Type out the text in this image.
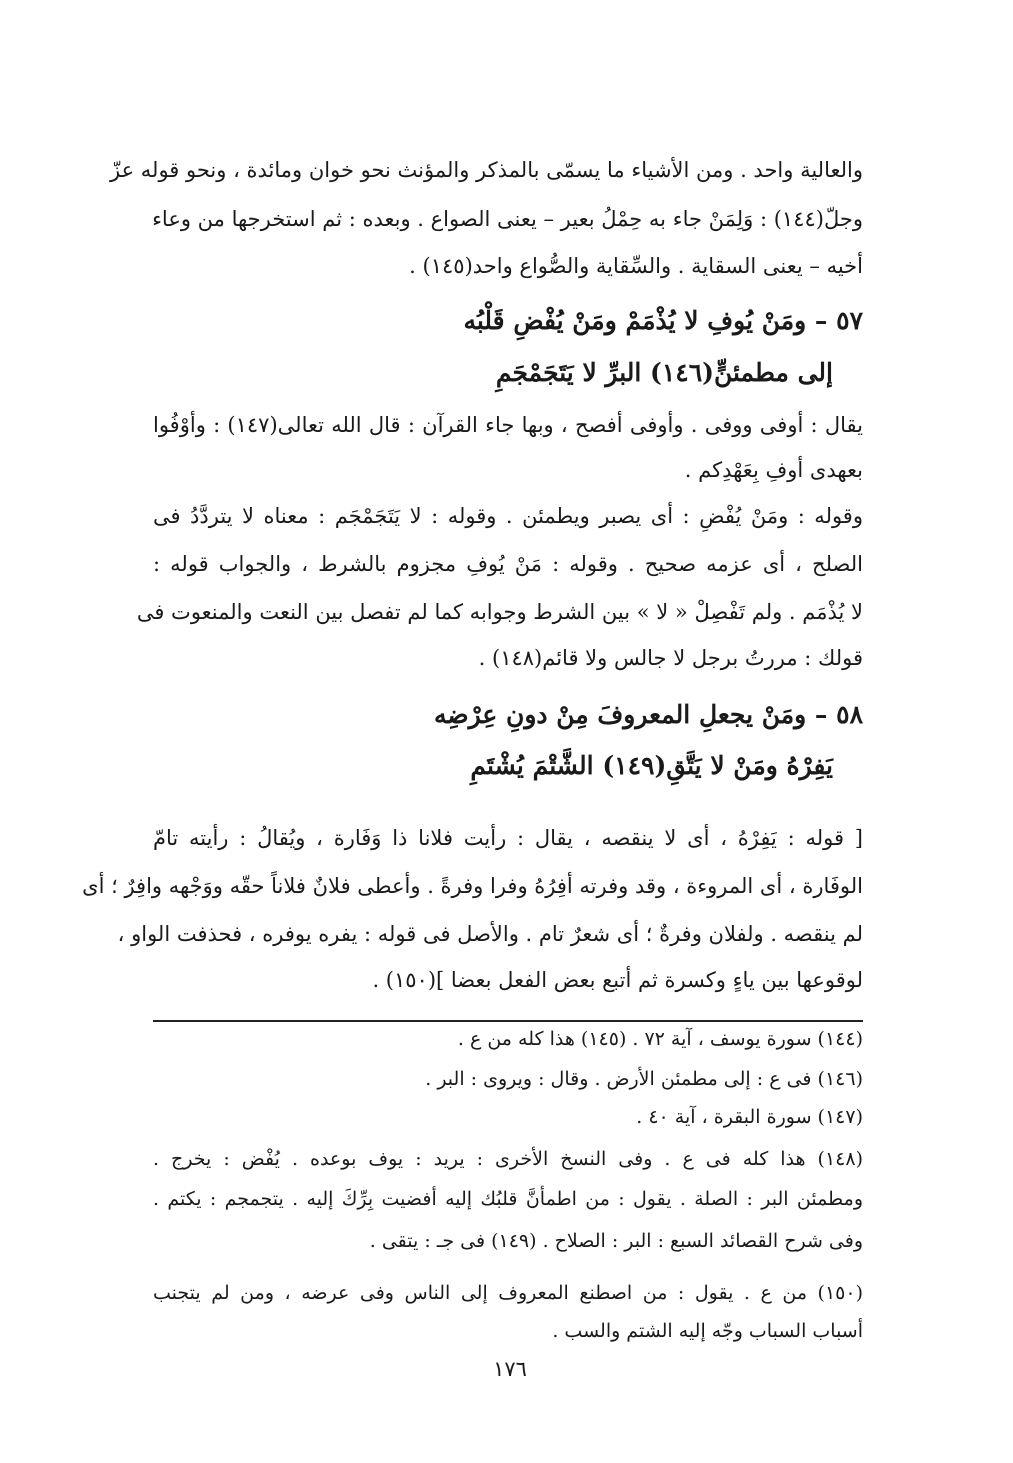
والعالية واحد . ومن الأشياء ما يسمّى بالمذكر والمؤنث نحو خوان ومائدة ، ونحو قوله عزّ
وجلّ(١٤٤) : وَلِمَنْ جاء به حِمْلُ بعير – يعنى الصواع . وبعده : ثم استخرجها من وعاء
أخيه – يعنى السقاية . والسِّقاية والصُّواع واحد(١٤٥) .
٥٧ – ومَنْ يُوفِ لا يُذْمَمْ ومَنْ يُفْضِ قَلْبُه
إلى مطمئنٍّ(١٤٦) البرِّ لا يَتَجَمْجَمِ
يقال : أوفى ووفى . وأوفى أفصح ، وبها جاء القرآن : قال الله تعالى(١٤٧) : وأوْفُوا
بعهدى أوفِ بِعَهْدِكم .
وقوله : ومَنْ يُفْضِ : أى يصبر ويطمئن . وقوله : لا يَتَجَمْجَم : معناه لا يتردَّدُ فى
الصلح ، أى عزمه صحيح . وقوله : مَنْ يُوفِ مجزوم بالشرط ، والجواب قوله :
لا يُذْمَم . ولم تَفْصِلْ « لا » بين الشرط وجوابه كما لم تفصل بين النعت والمنعوت فى
قولك : مررتُ برجل لا جالس ولا قائم(١٤٨) .
٥٨ – ومَنْ يجعلِ المعروفَ مِنْ دونِ عِرْضِه
يَفِرْهُ ومَنْ لا يَتَّقِ(١٤٩) الشَّتْمَ يُشْتَمِ
[ قوله : يَفِرْهُ ، أى لا ينقصه ، يقال : رأيت فلانا ذا وَفَارة ، ويُقالُ : رأيته تامّ
الوفَارة ، أى المروءة ، وقد وفرته أفِرُهُ وفرا وفرةً . وأعطى فلانٌ فلاناً حقّه ووَجْهه وافِرٌ ؛ أى
لم ينقصه . ولفلان وفرةٌ ؛ أى شعرٌ تام . والأصل فى قوله : يفره يوفره ، فحذفت الواو ،
لوقوعها بين ياءٍ وكسرة ثم أتبع بعض الفعل بعضا ](١٥٠) .
(١٤٤) سورة يوسف ، آية ٧٢ . (١٤٥) هذا كله من ع .
(١٤٦) فى ع : إلى مطمئن الأرض . وقال : ويروى : البر .
(١٤٧) سورة البقرة ، آية ٤٠ .
(١٤٨) هذا كله فى ع . وفى النسخ الأخرى : يريد : يوف بوعده . يُفْض : يخرج .
ومطمئن البر : الصلة . يقول : من اطمأنَّ قلبُك إليه أفضيت بِرِّكَ إليه . يتجمجم : يكتم .
وفى شرح القصائد السبع : البر : الصلاح . (١٤٩) فى جـ : يتقى .
(١٥٠) من ع . يقول : من اصطنع المعروف إلى الناس وفى عرضه ، ومن لم يتجنب
أسباب السباب وجّه إليه الشتم والسب .
١٧٦
